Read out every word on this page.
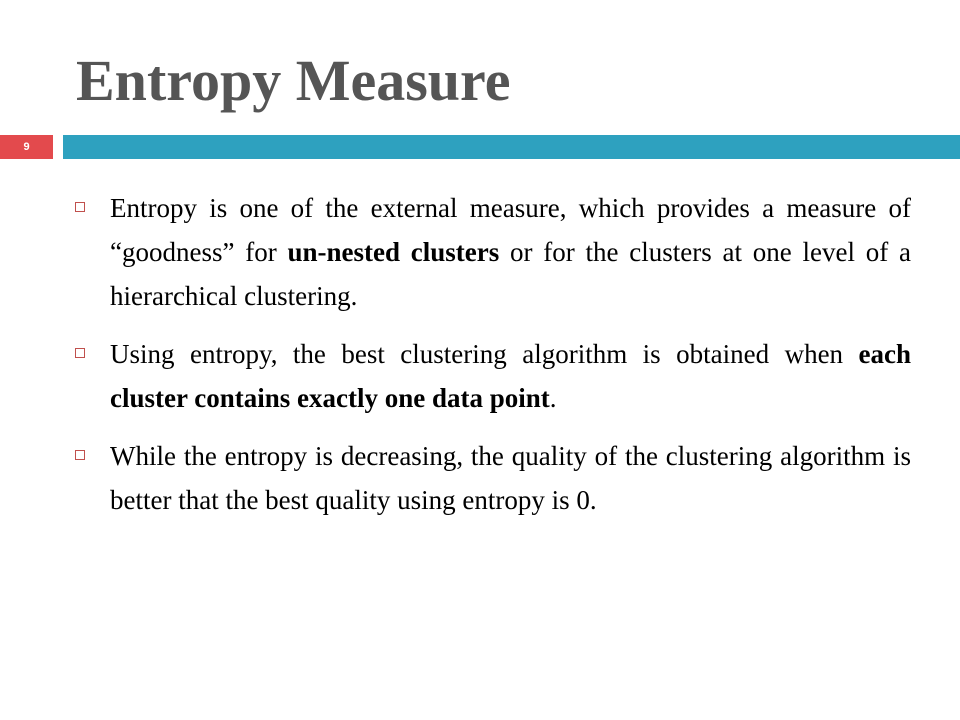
Entropy Measure
9
Entropy is one of the external measure, which provides a measure of “goodness” for un-nested clusters or for the clusters at one level of a hierarchical clustering.
Using entropy, the best clustering algorithm is obtained when each cluster contains exactly one data point.
While the entropy is decreasing, the quality of the clustering algorithm is better that the best quality using entropy is 0.
